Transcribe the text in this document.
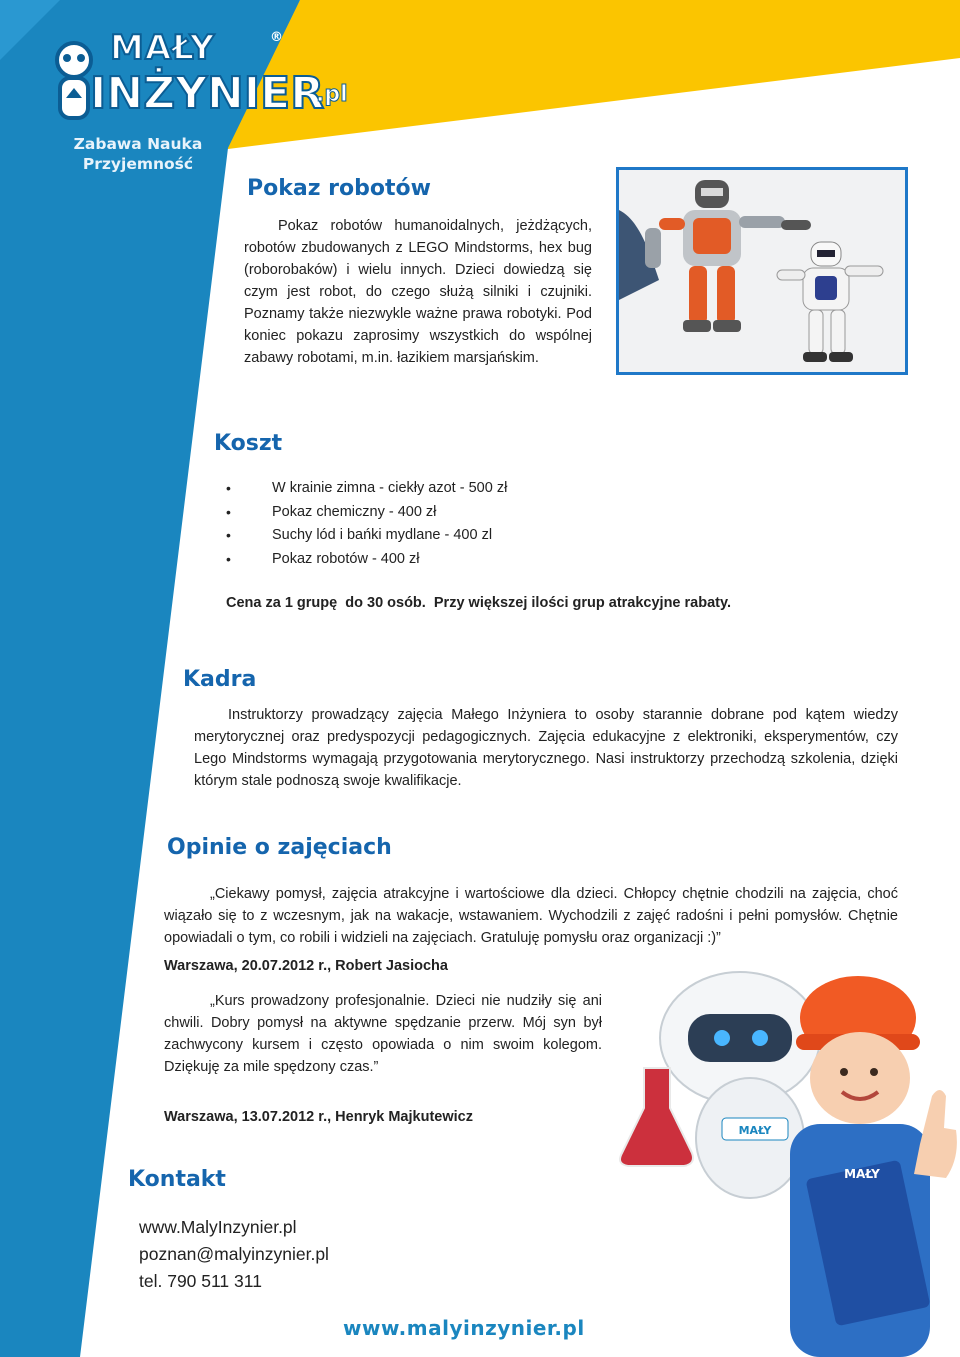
MAŁY	®
INŻYNIER
.pl
Zabawa Nauka
Przyjemność
Pokaz robotów

Pokaz robotów humanoidalnych, jeżdżących, robotów zbudowanych z LEGO Mindstorms, hex bug (roborobaków) i wielu innych. Dzieci dowiedzą się czym jest robot, do czego służą silniki i czujniki. Poznamy także niezwykle ważne prawa robotyki. Pod koniec pokazu zaprosimy wszystkich do wspólnej zabawy robotami, m.in. łazikiem marsjańskim.

Koszt
• W krainie zimna - ciekły azot - 500 zł
• Pokaz chemiczny - 400 zł
• Suchy lód i bańki mydlane - 400 zl
• Pokaz robotów - 400 zł

Cena za 1 grupę  do 30 osób.  Przy większej ilości grup atrakcyjne rabaty.

Kadra

Instruktorzy prowadzący zajęcia Małego Inżyniera to osoby starannie dobrane pod kątem wiedzy merytorycznej oraz predyspozycji pedagogicznych. Zajęcia edukacyjne z elektroniki, eksperymentów, czy Lego Mindstorms wymagają przygotowania merytorycznego. Nasi instruktorzy przechodzą szkolenia, dzięki którym stale podnoszą swoje kwalifikacje.

Opinie o zajęciach

„Ciekawy pomysł, zajęcia atrakcyjne i wartościowe dla dzieci. Chłopcy chętnie chodzili na zajęcia, choć wiązało się to z wczesnym, jak na wakacje, wstawaniem. Wychodzili z zajęć radośni i pełni pomysłów. Chętnie opowiadali o tym, co robili i widzieli na zajęciach. Gratuluję pomysłu oraz organizacji :)”

Warszawa, 20.07.2012 r., Robert Jasiocha

„Kurs prowadzony profesjonalnie. Dzieci nie nudziły się ani chwili. Dobry pomysł na aktywne spędzanie przerw. Mój syn był zachwycony kursem i często opowiada o nim swoim kolegom. Dziękuję za mile spędzony czas.”

Warszawa, 13.07.2012 r., Henryk Majkutewicz

MAŁY
MAŁY
Kontakt

www.MalyInzynier.pl

poznan@malyinzynier.pl

tel. 790 511 311

www.malyinzynier.pl
